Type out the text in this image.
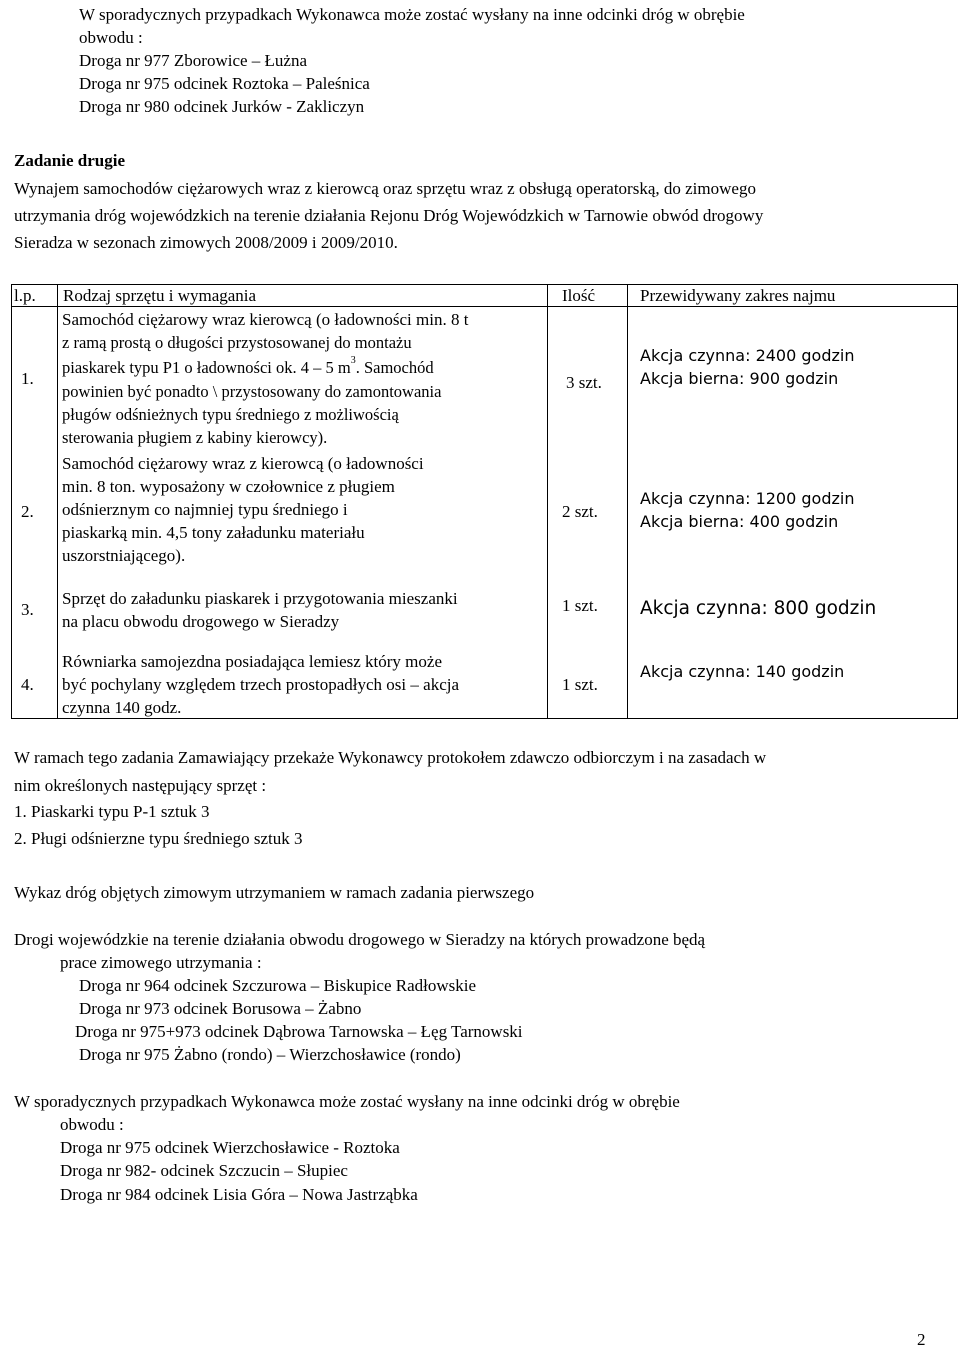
W sporadycznych przypadkach Wykonawca może zostać wysłany na inne odcinki dróg w obrębie
obwodu :
Droga nr 977 Zborowice – Łużna
Droga nr 975 odcinek Roztoka – Paleśnica
Droga nr 980 odcinek Jurków - Zakliczyn
Zadanie drugie
Wynajem samochodów ciężarowych wraz z kierowcą oraz sprzętu wraz z obsługą operatorską, do zimowego
utrzymania dróg wojewódzkich na terenie działania Rejonu Dróg Wojewódzkich w Tarnowie obwód drogowy
Sieradza w sezonach zimowych 2008/2009 i 2009/2010.
l.p. Rodzaj sprzętu i wymagania	Ilość	Przewidywany zakres najmu
1.
Samochód ciężarowy wraz kierowcą (o ładowności min. 8 t
z ramą prostą o długości przystosowanej do montażu
piaskarek typu P1 o ładowności ok. 4 – 5 $m^3$. Samochód
powinien być ponadto \ przystosowany do zamontowania
pługów odśnieżnych typu średniego z możliwością
sterowania pługiem z kabiny kierowcy).
3 szt.
Akcja czynna: 2400 godzin
Akcja bierna: 900 godzin
2.
Samochód ciężarowy wraz z kierowcą (o ładowności
min. 8 ton. wyposażony w czołownice z pługiem
odśnierznym co najmniej typu średniego i
piaskarką min. 4,5 tony załadunku materiału
uszorstniającego).
2 szt.
Akcja czynna: 1200 godzin
Akcja bierna: 400 godzin
3.
Sprzęt do załadunku piaskarek i przygotowania mieszanki
na placu obwodu drogowego w Sieradzy
1 szt. Akcja czynna: 800 godzin
4.
Równiarka samojezdna posiadająca lemiesz który może
być pochylany względem trzech prostopadłych osi – akcja
czynna 140 godz.
1 szt.
Akcja czynna: 140 godzin
W ramach tego zadania Zamawiający przekaże Wykonawcy protokołem zdawczo odbiorczym i na zasadach w
nim określonych następujący sprzęt :
1. Piaskarki typu P-1 sztuk 3
2. Pługi odśnierzne typu średniego sztuk 3
Wykaz dróg objętych zimowym utrzymaniem w ramach zadania pierwszego
Drogi wojewódzkie na terenie działania obwodu drogowego w Sieradzy na których prowadzone będą
prace zimowego utrzymania :
Droga nr 964 odcinek Szczurowa – Biskupice Radłowskie
Droga nr 973 odcinek Borusowa – Żabno
Droga nr 975+973 odcinek Dąbrowa Tarnowska – Łęg Tarnowski
Droga nr 975 Żabno (rondo) – Wierzchosławice (rondo)
W sporadycznych przypadkach Wykonawca może zostać wysłany na inne odcinki dróg w obrębie
obwodu :
Droga nr 975 odcinek Wierzchosławice - Roztoka
Droga nr 982- odcinek Szczucin – Słupiec
Droga nr 984 odcinek Lisia Góra – Nowa Jastrząbka
2
